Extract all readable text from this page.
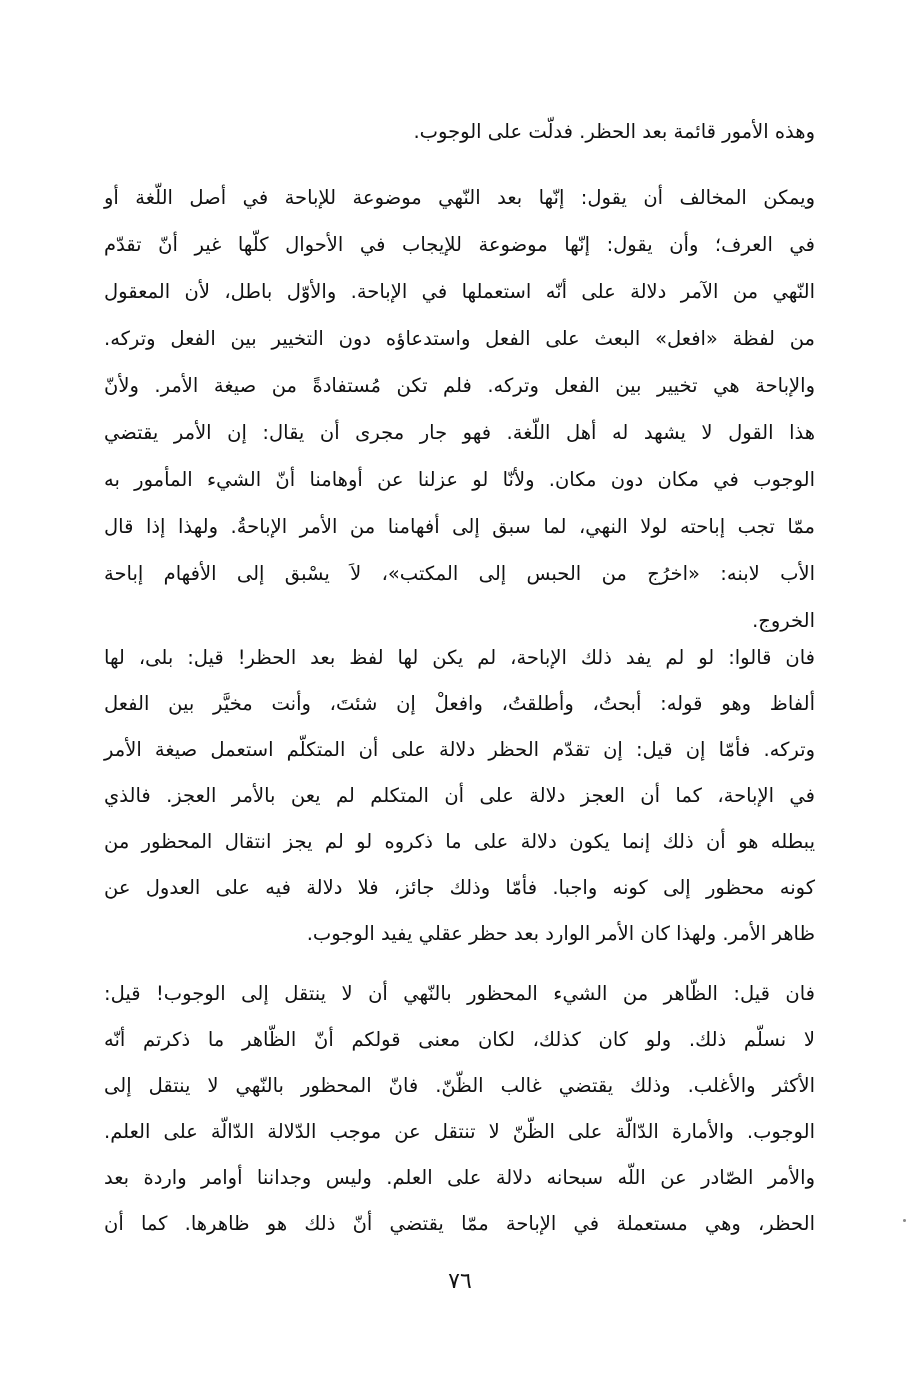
وهذه الأمور قائمة بعد الحظر. فدلّت على الوجوب.
ويمكن المخالف أن يقول: إنّها بعد النّهي موضوعة للإباحة في أصل اللّغة أو
في العرف؛ وأن يقول: إنّها موضوعة للإيجاب في الأحوال كلّها غير أنّ تقدّم
النّهي من الآمر دلالة على أنّه استعملها في الإباحة. والأوّل باطل، لأن المعقول
من لفظة «افعل» البعث على الفعل واستدعاؤه دون التخيير بين الفعل وتركه.
والإباحة هي تخيير بين الفعل وتركه. فلم تكن مُستفادةً من صيغة الأمر. ولأنّ
هذا القول لا يشهد له أهل اللّغة. فهو جار مجرى أن يقال: إن الأمر يقتضي
الوجوب في مكان دون مكان. ولأنّا لو عزلنا عن أوهامنا أنّ الشيء المأمور به
ممّا تجب إباحته لولا النهي، لما سبق إلى أفهامنا من الأمر الإباحةُ. ولهذا إذا قال
الأب لابنه: «اخرُج من الحبس إلى المكتب»، لاَ يسْبق إلى الأفهام إباحة
الخروج.
فان قالوا: لو لم يفد ذلك الإباحة، لم يكن لها لفظ بعد الحظر! قيل: بلى، لها
ألفاظ وهو قوله: أبحتُ، وأطلقتُ، وافعلْ إن شئتَ، وأنت مخيَّر بين الفعل
وتركه. فأمّا إن قيل: إن تقدّم الحظر دلالة على أن المتكلّم استعمل صيغة الأمر
في الإباحة، كما أن العجز دلالة على أن المتكلم لم يعن بالأمر العجز. فالذي
يبطله هو أن ذلك إنما يكون دلالة على ما ذكروه لو لم يجز انتقال المحظور من
كونه محظور إلى كونه واجبا. فأمّا وذلك جائز، فلا دلالة فيه على العدول عن
ظاهر الأمر. ولهذا كان الأمر الوارد بعد حظر عقلي يفيد الوجوب.
فان قيل: الظّاهر من الشيء المحظور بالنّهي أن لا ينتقل إلى الوجوب! قيل:
لا نسلّم ذلك. ولو كان كذلك، لكان معنى قولكم أنّ الظّاهر ما ذكرتم أنّه
الأكثر والأغلب. وذلك يقتضي غالب الظّنّ. فانّ المحظور بالنّهي لا ينتقل إلى
الوجوب. والأمارة الدّالّة على الظّنّ لا تنتقل عن موجب الدّلالة الدّالّة على العلم.
والأمر الصّادر عن اللّه سبحانه دلالة على العلم. وليس وجداننا أوامر واردة بعد
الحظر، وهي مستعملة في الإباحة ممّا يقتضي أنّ ذلك هو ظاهرها. كما أن
٧٦
